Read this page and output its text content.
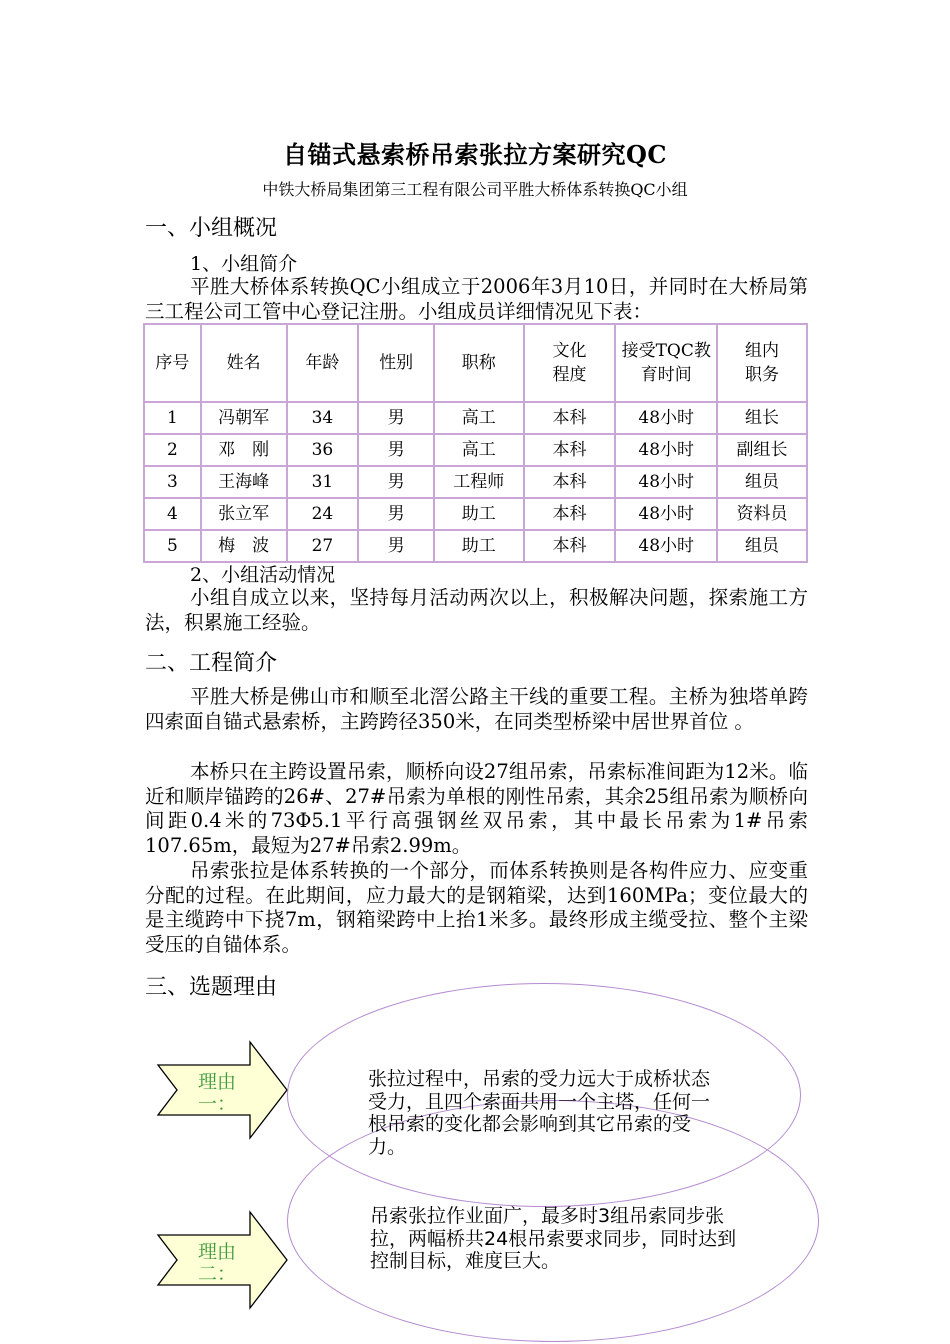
自锚式悬索桥吊索张拉方案研究QC
中铁大桥局集团第三工程有限公司平胜大桥体系转换QC小组
一、小组概况
1、小组简介
平胜大桥体系转换QC小组成立于2006年3月10日，并同时在大桥局第三工程公司工管中心登记注册。小组成员详细情况见下表：
序号	姓名	年龄	性别	职称	文化程度	接受TQC教育时间	组内职务
1	冯朝军	34	男	高工	本科	48小时	组长
2	邓　刚	36	男	高工	本科	48小时	副组长
3	王海峰	31	男	工程师	本科	48小时	组员
4	张立军	24	男	助工	本科	48小时	资料员
5	梅　波	27	男	助工	本科	48小时	组员
2、小组活动情况
小组自成立以来，坚持每月活动两次以上，积极解决问题，探索施工方法，积累施工经验。
二、工程简介
平胜大桥是佛山市和顺至北滘公路主干线的重要工程。主桥为独塔单跨四索面自锚式悬索桥，主跨跨径350米，在同类型桥梁中居世界首位 。
本桥只在主跨设置吊索，顺桥向设27组吊索，吊索标准间距为12米。临近和顺岸锚跨的26#、27#吊索为单根的刚性吊索，其余25组吊索为顺桥向间距0.4米的73Φ5.1平行高强钢丝双吊索，其中最长吊索为1#吊索107.65m，最短为27#吊索2.99m。
吊索张拉是体系转换的一个部分，而体系转换则是各构件应力、应变重分配的过程。在此期间，应力最大的是钢箱梁，达到160MPa；变位最大的是主缆跨中下挠7m，钢箱梁跨中上抬1米多。最终形成主缆受拉、整个主梁受压的自锚体系。
三、选题理由
理由一：
理由二：
张拉过程中，吊索的受力远大于成桥状态受力，且四个索面共用一个主塔，任何一根吊索的变化都会影响到其它吊索的受力。
吊索张拉作业面广，最多时3组吊索同步张拉，两幅桥共24根吊索要求同步，同时达到控制目标，难度巨大。
